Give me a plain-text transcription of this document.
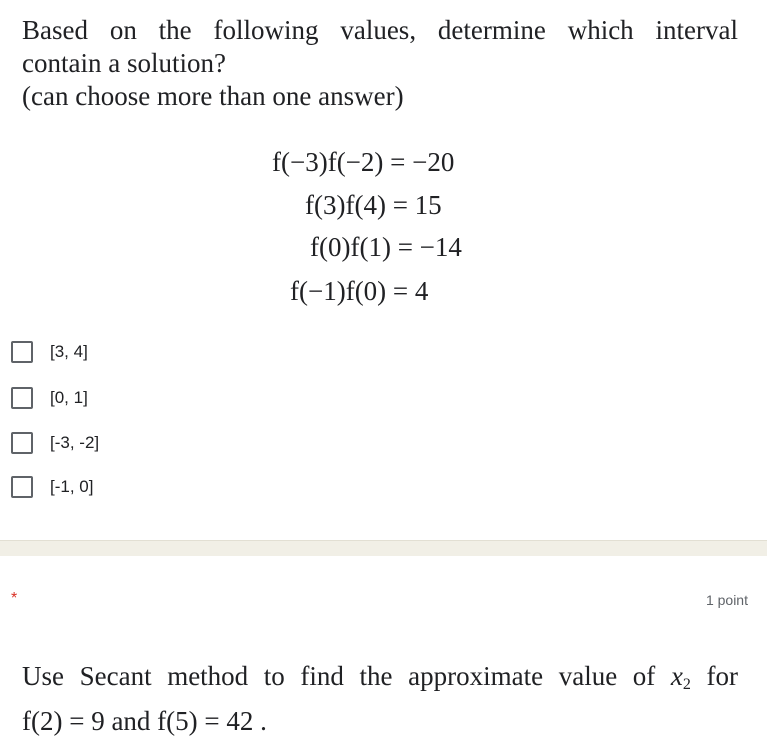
Based on the following values, determine which interval
contain a solution?
(can choose more than one answer)
f(−3)f(−2) = −20
f(3)f(4) = 15
f(0)f(1) = −14
f(−1)f(0) = 4
[3, 4]
[0, 1]
[-3, -2]
[-1, 0]
*	1 point
Use Secant method to find the approximate value of $x_2$ for
f(2) = 9 and f(5) = 42 .
